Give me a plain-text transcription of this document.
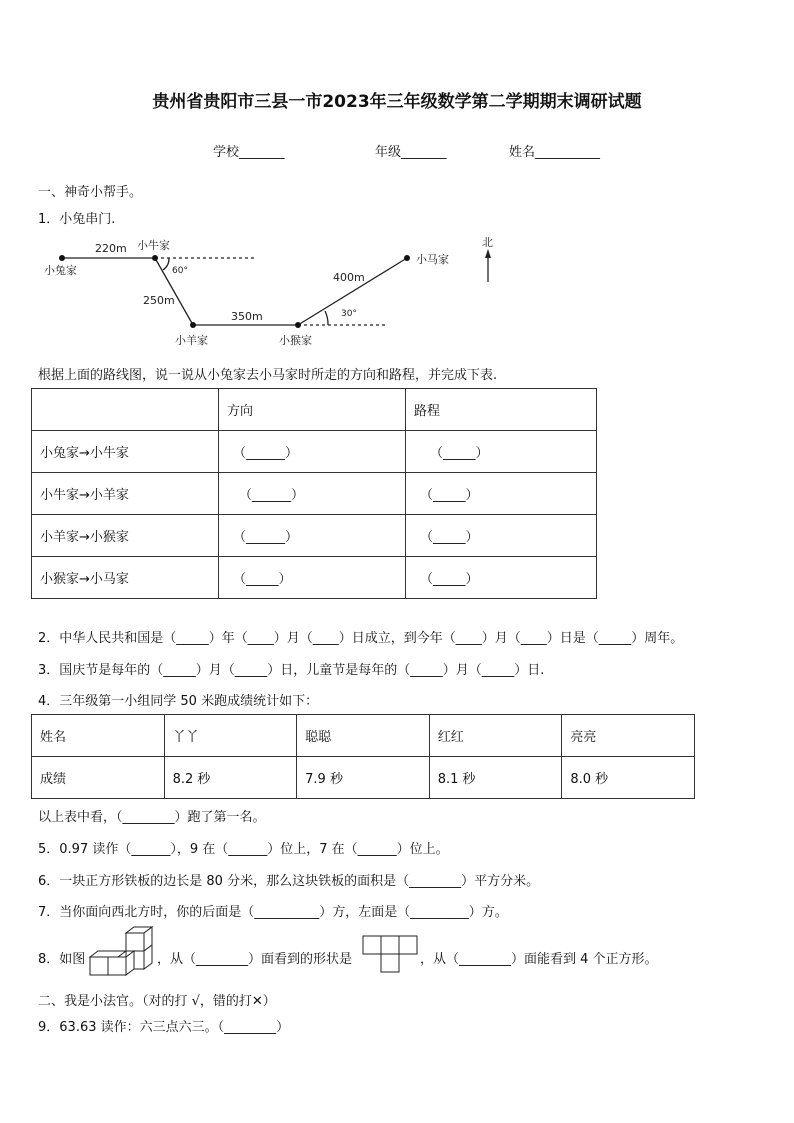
贵州省贵阳市三县一市2023年三年级数学第二学期期末调研试题
学校_______	年级_______	姓名__________
一、神奇小帮手。
1．小兔串门.
小兔家
小牛家
小羊家	小猴家
小马家
220m
250m
350m
400m
60°
30°
北
根据上面的路线图，说一说从小兔家去小马家时所走的方向和路程，并完成下表.
	方向	路程
小兔家→小牛家	（______）	（_____）
小牛家→小羊家	（______）	（_____）
小羊家→小猴家	（______）	（_____）
小猴家→小马家	（_____）	（_____）
2．中华人民共和国是（_____）年（____）月（____）日成立，到今年（____）月（____）日是（_____）周年。
3．国庆节是每年的（_____）月（_____）日，儿童节是每年的（_____）月（_____）日.
4．三年级第一小组同学 50 米跑成绩统计如下：
姓名	丫丫	聪聪	红红	亮亮
成绩	8.2 秒	7.9 秒	8.1 秒	8.0 秒
以上表中看，（________）跑了第一名。
5．0.97 读作（______），9 在（______）位上，7 在（______）位上。
6．一块正方形铁板的边长是 80 分米，那么这块铁板的面积是（________）平方分米。
7．当你面向西北方时，你的后面是（__________）方，左面是（_________）方。
8．如图	，从（________）面看到的形状是	，从（________）面能看到 4 个正方形。
二、我是小法官。（对的打 √，错的打✕）
9．63.63 读作：六三点六三。（________）
